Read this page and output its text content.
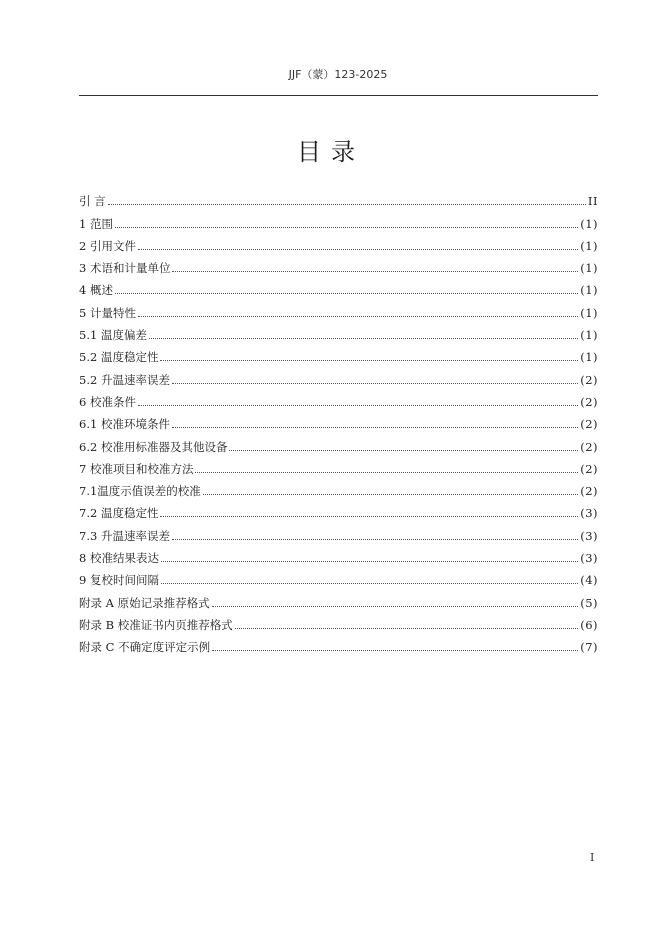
JJF（蒙）123-2025
目录
引 言	II
1 范围	(1)
2 引用文件	(1)
3 术语和计量单位	(1)
4 概述	(1)
5 计量特性	(1)
5.1 温度偏差	(1)
5.2 温度稳定性	(1)
5.2 升温速率误差	(2)
6 校准条件	(2)
6.1 校准环境条件	(2)
6.2 校准用标准器及其他设备	(2)
7 校准项目和校准方法	(2)
7.1温度示值误差的校准	(2)
7.2 温度稳定性	(3)
7.3 升温速率误差	(3)
8 校准结果表达	(3)
9 复校时间间隔	(4)
附录 A 原始记录推荐格式	(5)
附录 B 校准证书内页推荐格式	(6)
附录 C 不确定度评定示例	(7)
I
